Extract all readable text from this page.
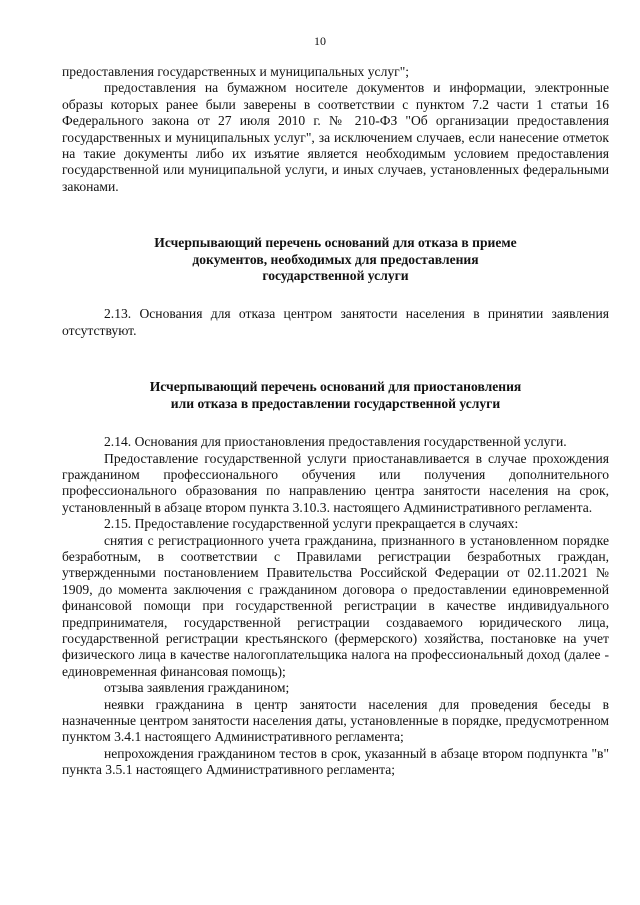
10

предоставления государственных и муниципальных услуг";

предоставления на бумажном носителе документов и информации, электронные образы которых ранее были заверены в соответствии с пунктом 7.2 части 1 статьи 16 Федерального закона от 27 июля 2010 г. № 210-ФЗ "Об организации предоставления государственных и муниципальных услуг", за исключением случаев, если нанесение отметок на такие документы либо их изъятие является необходимым условием предоставления государственной или муниципальной услуги, и иных случаев, установленных федеральными законами.

Исчерпывающий перечень оснований для отказа в приеме

документов, необходимых для предоставления

государственной услуги

2.13. Основания для отказа центром занятости населения в принятии заявления отсутствуют.

Исчерпывающий перечень оснований для приостановления

или отказа в предоставлении государственной услуги

2.14. Основания для приостановления предоставления государственной услуги.

Предоставление государственной услуги приостанавливается в случае прохождения гражданином профессионального обучения или получения дополнительного профессионального образования по направлению центра занятости населения на срок, установленный в абзаце втором пункта 3.10.3. настоящего Административного регламента.

2.15. Предоставление государственной услуги прекращается в случаях:

снятия с регистрационного учета гражданина, признанного в установленном порядке безработным, в соответствии с Правилами регистрации безработных граждан, утвержденными постановлением Правительства Российской Федерации от 02.11.2021 № 1909, до момента заключения с гражданином договора о предоставлении единовременной финансовой помощи при государственной регистрации в качестве индивидуального предпринимателя, государственной регистрации создаваемого юридического лица, государственной регистрации крестьянского (фермерского) хозяйства, постановке на учет физического лица в качестве налогоплательщика налога на профессиональный доход (далее - единовременная финансовая помощь);

отзыва заявления гражданином;

неявки гражданина в центр занятости населения для проведения беседы в назначенные центром занятости населения даты, установленные в порядке, предусмотренном пунктом 3.4.1 настоящего Административного регламента;

непрохождения гражданином тестов в срок, указанный в абзаце втором подпункта "в" пункта 3.5.1 настоящего Административного регламента;
